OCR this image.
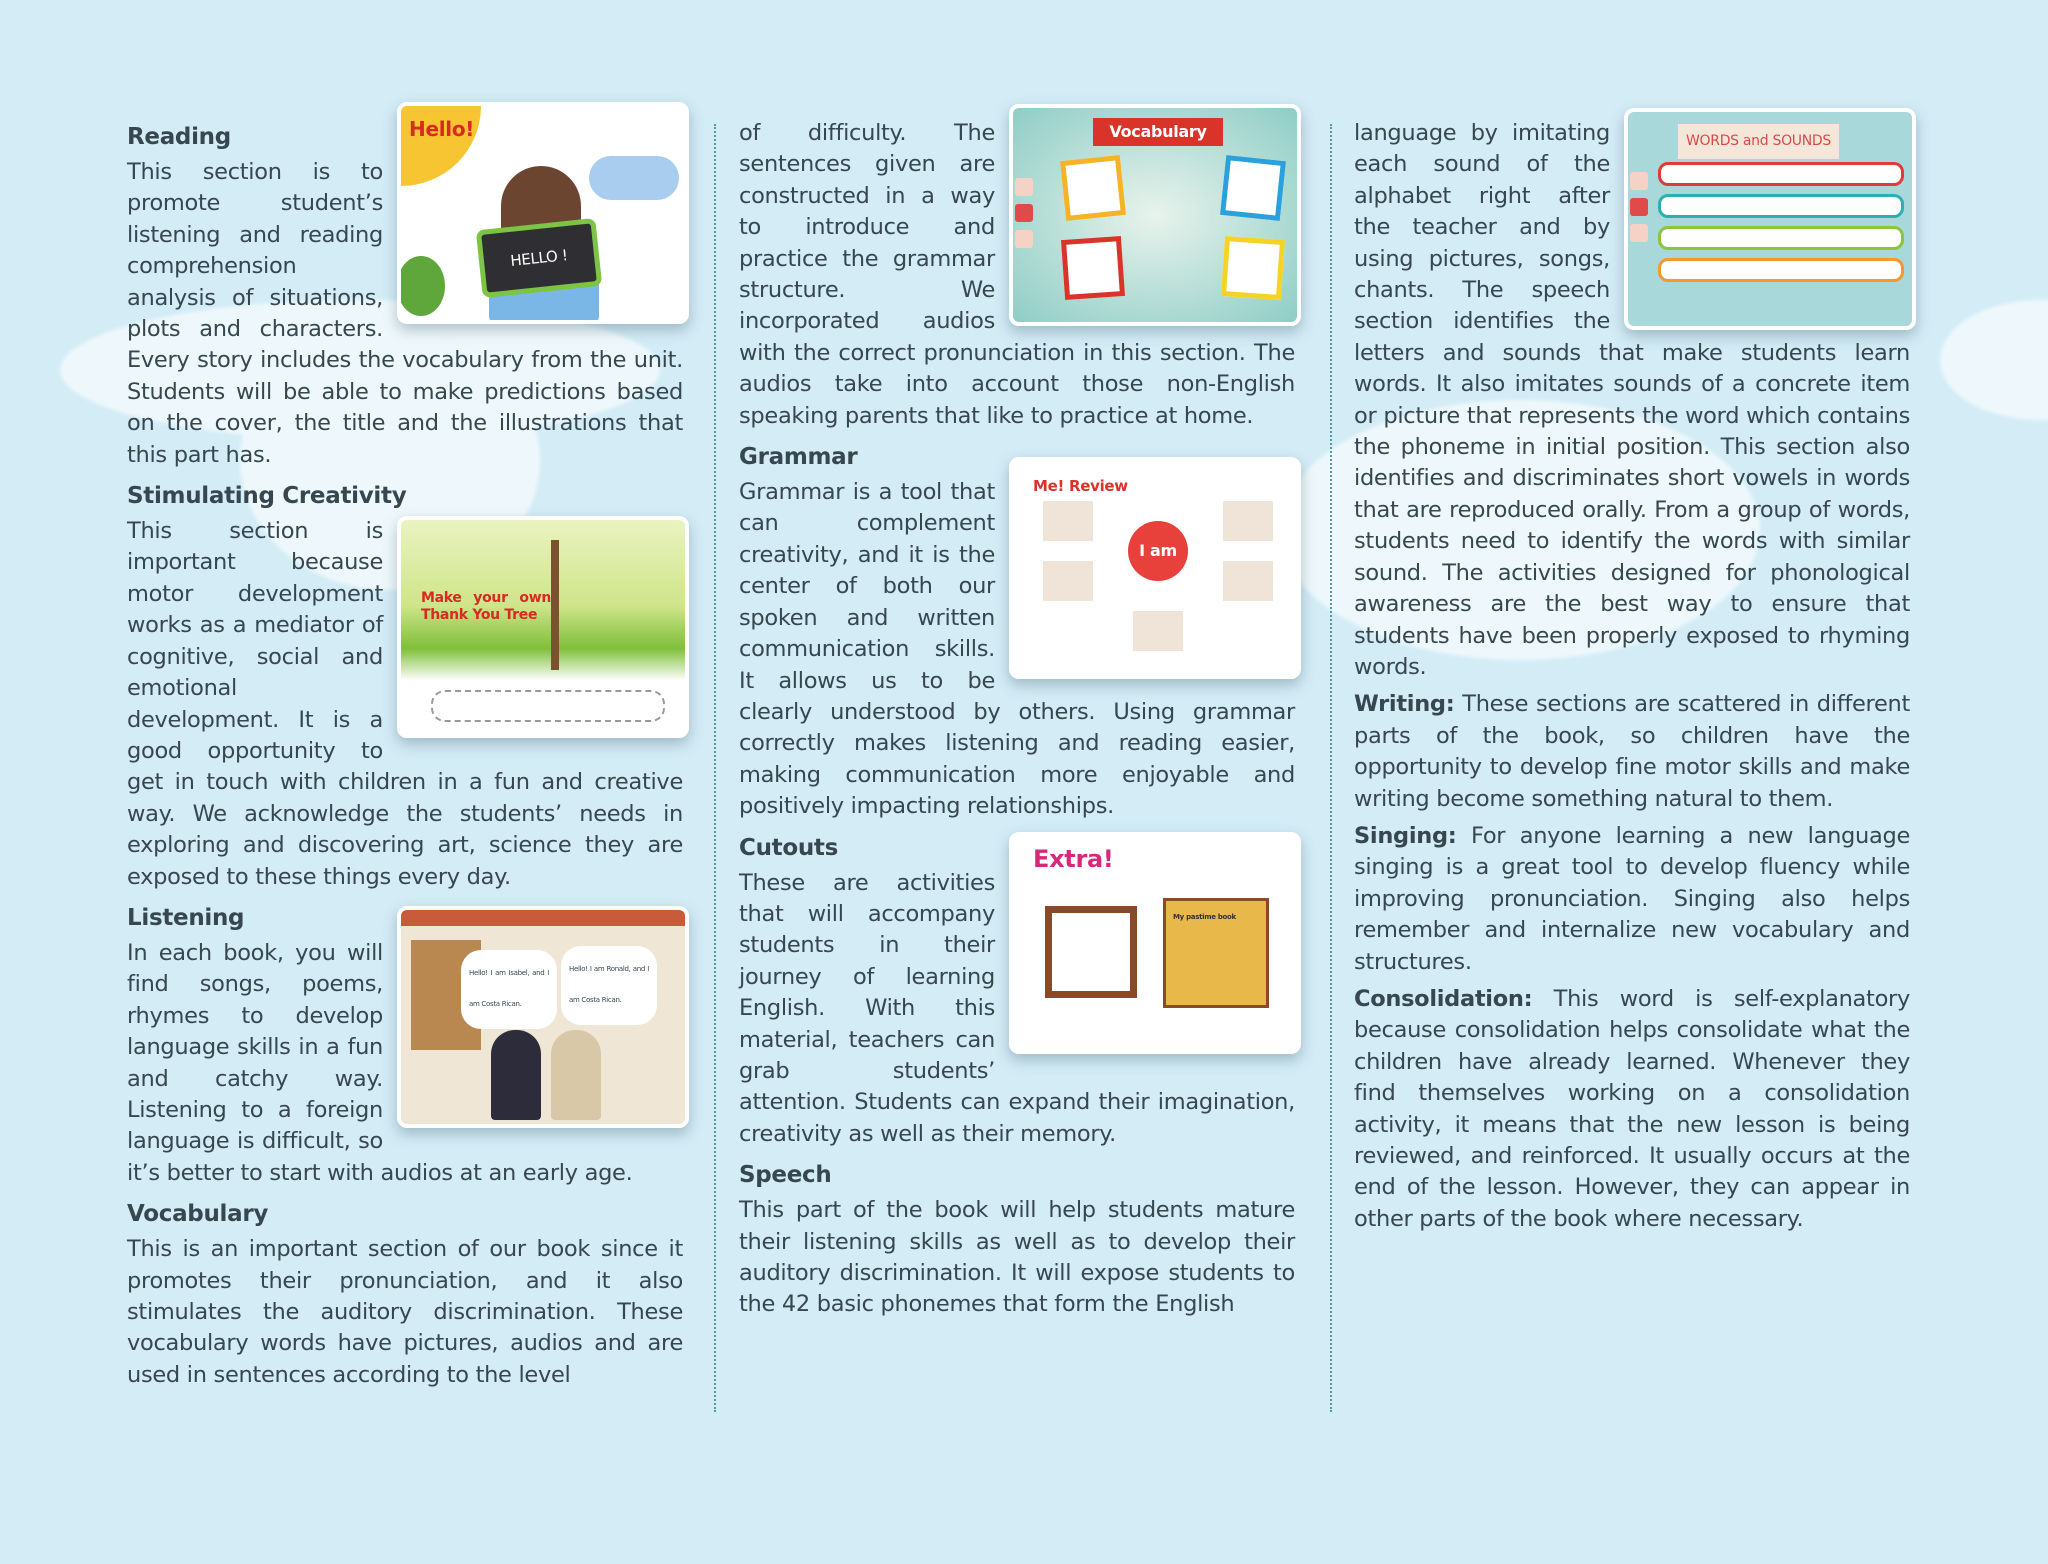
Hello!
HELLO !
Reading

This section is to promote student’s listening and reading comprehension analysis of situations, plots and characters. Every story includes the vocabulary from the unit. Students will be able to make predictions based on the cover, the title and the illustrations that this part has.

Stimulating Creativity
Make your own Thank You Tree

This section is important because motor development works as a mediator of cognitive, social and emotional development. It is a good opportunity to get in touch with children in a fun and creative way. We acknowledge the students’ needs in exploring and discovering art, science they are exposed to these things every day.

Listening
Hello! I am Isabel, and I am Costa Rican.
Hello! I am Ronald, and I am Costa Rican.

In each book, you will find songs, poems, rhymes to develop language skills in a fun and catchy way. Listening to a foreign language is difficult, so it’s better to start with audios at an early age.

Vocabulary

This is an important section of our book since it promotes their pronunciation, and it also stimulates the auditory discrimination. These vocabulary words have pictures, audios and are used in sentences according to the level

Vocabulary

of difficulty. The sentences given are constructed in a way to introduce and practice the grammar structure. We incorporated audios with the correct pronunciation in this section. The audios take into account those non-English speaking parents that like to practice at home.

Grammar
Me! Review
I am

Grammar is a tool that can complement creativity, and it is the center of both our spoken and written communication skills. It allows us to be clearly understood by others. Using grammar correctly makes listening and reading easier, making communication more enjoyable and positively impacting relationships.

Cutouts	Extra!
My pastime book

These are activities that will accompany students in their journey of learning English. With this material, teachers can grab students’ attention. Students can expand their imagination, creativity as well as their memory.

Speech

This part of the book will help students mature their listening skills as well as to develop their auditory discrimination. It will expose students to the 42 basic phonemes that form the English

WORDS and SOUNDS

language by imitating each sound of the alphabet right after the teacher and by using pictures, songs, chants. The speech section identifies the letters and sounds that make students learn words. It also imitates sounds of a concrete item or picture that represents the word which contains the phoneme in initial position. This section also identifies and discriminates short vowels in words that are reproduced orally. From a group of words, students need to identify the words with similar sound. The activities designed for phonological awareness are the best way to ensure that students have been properly exposed to rhyming words.

Writing: These sections are scattered in different parts of the book, so children have the opportunity to develop fine motor skills and make writing become something natural to them.

Singing: For anyone learning a new language singing is a great tool to develop fluency while improving pronunciation. Singing also helps remember and internalize new vocabulary and structures.

Consolidation: This word is self-explanatory because consolidation helps consolidate what the children have already learned. Whenever they find themselves working on a consolidation activity, it means that the new lesson is being reviewed, and reinforced. It usually occurs at the end of the lesson. However, they can appear in other parts of the book where necessary.
